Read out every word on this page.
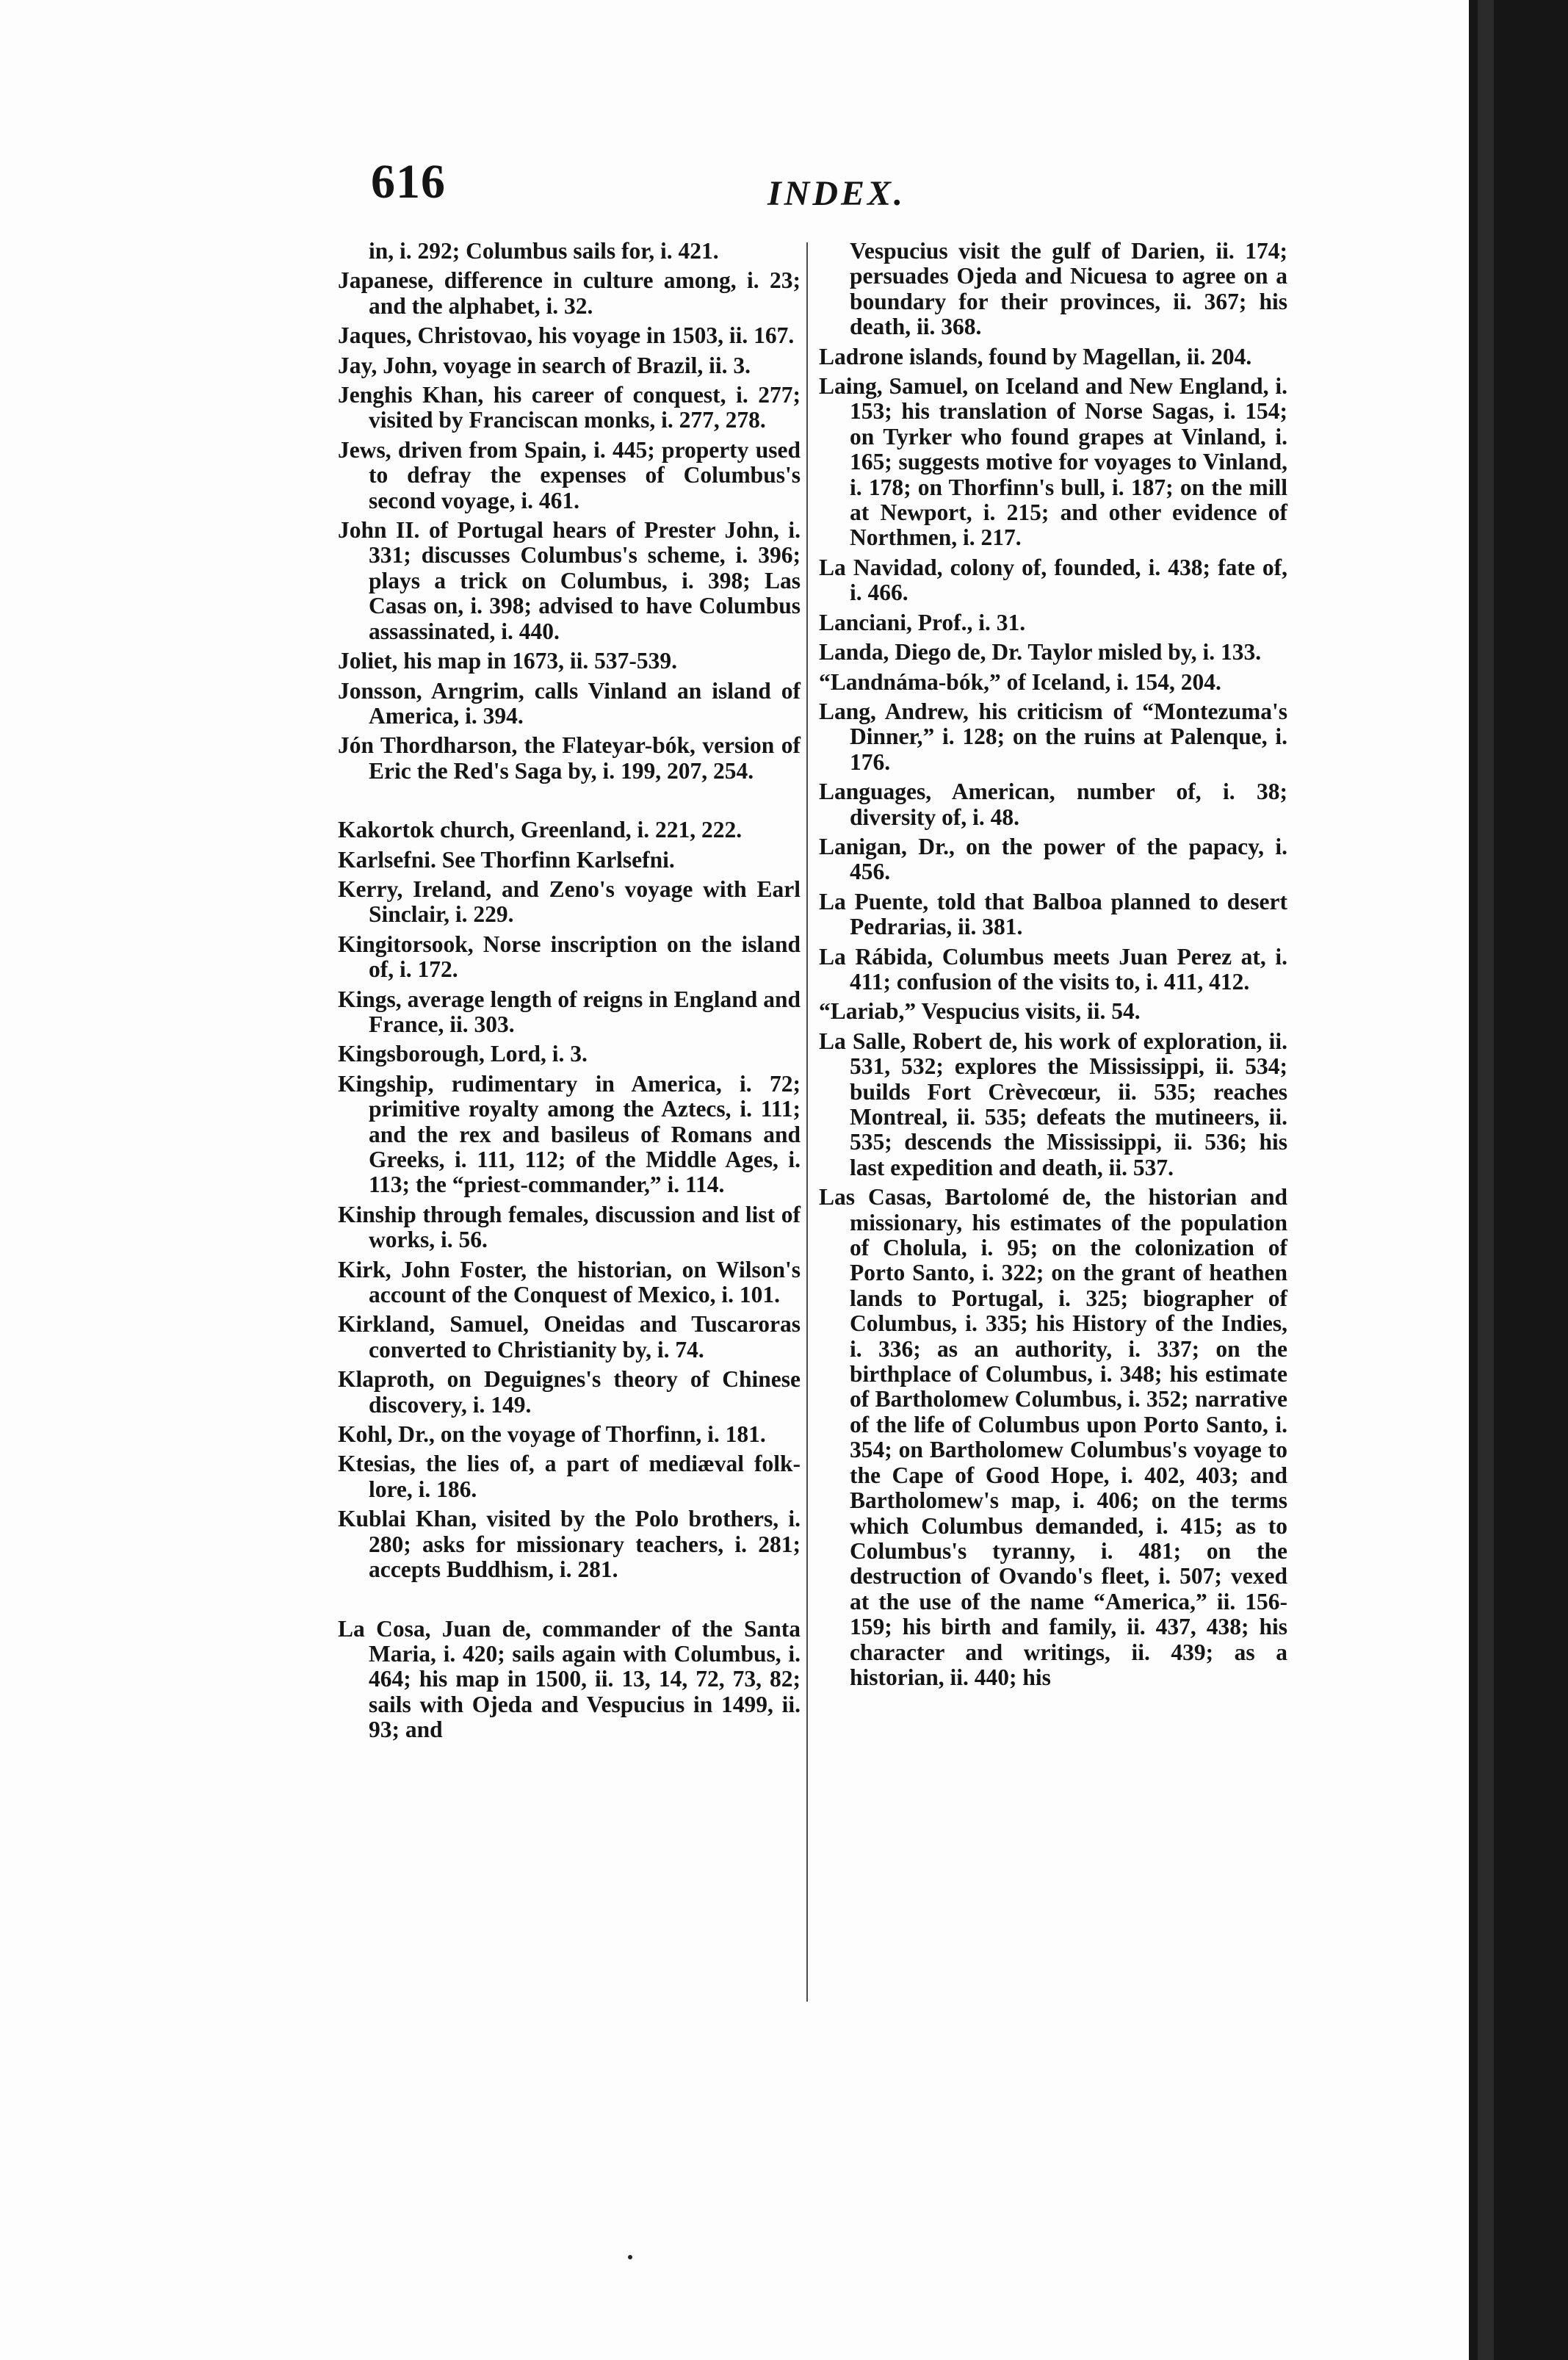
616	INDEX.

in, i. 292; Columbus sails for, i. 421.

Japanese, difference in culture among, i. 23; and the alphabet, i. 32.

Jaques, Christovao, his voyage in 1503, ii. 167.

Jay, John, voyage in search of Brazil, ii. 3.

Jenghis Khan, his career of conquest, i. 277; visited by Franciscan monks, i. 277, 278.

Jews, driven from Spain, i. 445; property used to defray the expenses of Columbus's second voyage, i. 461.

John II. of Portugal hears of Prester John, i. 331; discusses Columbus's scheme, i. 396; plays a trick on Columbus, i. 398; Las Casas on, i. 398; advised to have Columbus assassinated, i. 440.

Joliet, his map in 1673, ii. 537-539.

Jonsson, Arngrim, calls Vinland an island of America, i. 394.

Jón Thordharson, the Flateyar-bók, version of Eric the Red's Saga by, i. 199, 207, 254.

Kakortok church, Greenland, i. 221, 222.

Karlsefni. See Thorfinn Karlsefni.

Kerry, Ireland, and Zeno's voyage with Earl Sinclair, i. 229.

Kingitorsook, Norse inscription on the island of, i. 172.

Kings, average length of reigns in England and France, ii. 303.

Kingsborough, Lord, i. 3.

Kingship, rudimentary in America, i. 72; primitive royalty among the Aztecs, i. 111; and the rex and basileus of Romans and Greeks, i. 111, 112; of the Middle Ages, i. 113; the “priest-commander,” i. 114.

Kinship through females, discussion and list of works, i. 56.

Kirk, John Foster, the historian, on Wilson's account of the Conquest of Mexico, i. 101.

Kirkland, Samuel, Oneidas and Tuscaroras converted to Christianity by, i. 74.

Klaproth, on Deguignes's theory of Chinese discovery, i. 149.

Kohl, Dr., on the voyage of Thorfinn, i. 181.

Ktesias, the lies of, a part of mediæval folk-lore, i. 186.

Kublai Khan, visited by the Polo brothers, i. 280; asks for missionary teachers, i. 281; accepts Buddhism, i. 281.

La Cosa, Juan de, commander of the Santa Maria, i. 420; sails again with Columbus, i. 464; his map in 1500, ii. 13, 14, 72, 73, 82; sails with Ojeda and Vespucius in 1499, ii. 93; and

Vespucius visit the gulf of Darien, ii. 174; persuades Ojeda and Nicuesa to agree on a boundary for their provinces, ii. 367; his death, ii. 368.

Ladrone islands, found by Magellan, ii. 204.

Laing, Samuel, on Iceland and New England, i. 153; his translation of Norse Sagas, i. 154; on Tyrker who found grapes at Vinland, i. 165; suggests motive for voyages to Vinland, i. 178; on Thorfinn's bull, i. 187; on the mill at Newport, i. 215; and other evidence of Northmen, i. 217.

La Navidad, colony of, founded, i. 438; fate of, i. 466.

Lanciani, Prof., i. 31.

Landa, Diego de, Dr. Taylor misled by, i. 133.

“Landnáma-bók,” of Iceland, i. 154, 204.

Lang, Andrew, his criticism of “Montezuma's Dinner,” i. 128; on the ruins at Palenque, i. 176.

Languages, American, number of, i. 38; diversity of, i. 48.

Lanigan, Dr., on the power of the papacy, i. 456.

La Puente, told that Balboa planned to desert Pedrarias, ii. 381.

La Rábida, Columbus meets Juan Perez at, i. 411; confusion of the visits to, i. 411, 412.

“Lariab,” Vespucius visits, ii. 54.

La Salle, Robert de, his work of exploration, ii. 531, 532; explores the Mississippi, ii. 534; builds Fort Crèvecœur, ii. 535; reaches Montreal, ii. 535; defeats the mutineers, ii. 535; descends the Mississippi, ii. 536; his last expedition and death, ii. 537.

Las Casas, Bartolomé de, the historian and missionary, his estimates of the population of Cholula, i. 95; on the colonization of Porto Santo, i. 322; on the grant of heathen lands to Portugal, i. 325; biographer of Columbus, i. 335; his History of the Indies, i. 336; as an authority, i. 337; on the birthplace of Columbus, i. 348; his estimate of Bartholomew Columbus, i. 352; narrative of the life of Columbus upon Porto Santo, i. 354; on Bartholomew Columbus's voyage to the Cape of Good Hope, i. 402, 403; and Bartholomew's map, i. 406; on the terms which Columbus demanded, i. 415; as to Columbus's tyranny, i. 481; on the destruction of Ovando's fleet, i. 507; vexed at the use of the name “America,” ii. 156-159; his birth and family, ii. 437, 438; his character and writings, ii. 439; as a historian, ii. 440; his
